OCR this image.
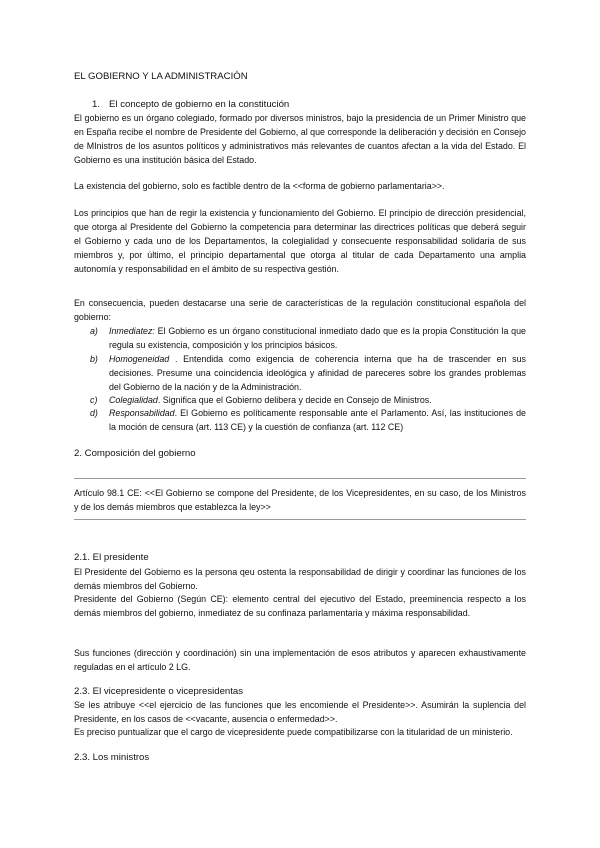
EL GOBIERNO Y LA ADMINISTRACIÓN

1. El concepto de gobierno en la constitución

El gobierno es un órgano colegiado, formado por diversos ministros, bajo la presidencia de un Primer Ministro que en España recibe el nombre de Presidente del Gobierno, al que corresponde la deliberación y decisión en Consejo de MInistros de los asuntos políticos y administrativos más relevantes de cuantos afectan a la vida del Estado. El Gobierno es una institución básica del Estado.

La existencia del gobierno, solo es factible dentro de la <<forma de gobierno parlamentaria>>.

Los principios que han de regir la existencia y funcionamiento del Gobierno. El principio de dirección presidencial, que otorga al Presidente del Gobierno la competencia para determinar las directrices políticas que deberá seguir el Gobierno y cada uno de los Departamentos, la colegialidad y consecuente responsabilidad solidaria de sus miembros y, por último, el principio departamental que otorga al titular de cada Departamento una amplia autonomía y responsabilidad en el ámbito de su respectiva gestión.

En consecuencia, pueden destacarse una serie de características de la regulación constitucional española del gobierno:

a) Inmediatez: El Gobierno es un órgano constitucional inmediato dado que es la propia Constitución la que regula su existencia, composición y los principios básicos.
b) Homogeneidad . Entendida como exigencia de coherencia interna que ha de trascender en sus decisiones. Presume una coincidencia ideológica y afinidad de pareceres sobre los grandes problemas del Gobierno de la nación y de la Administración.
c) Colegialidad. Significa que el Gobierno delibera y decide en Consejo de Ministros.
d) Responsabilidad. El Gobierno es políticamente responsable ante el Parlamento. Así, las instituciones de la moción de censura (art. 113 CE) y la cuestión de confianza (art. 112 CE)

2. Composición del gobierno

Artículo 98.1 CE: <<El Gobierno se compone del Presidente, de los Vicepresidentes, en su caso, de los Ministros y de los demás miembros que establezca la ley>>

2.1. El presidente

El Presidente del Gobierno es la persona qeu ostenta la responsabilidad de dirigir y coordinar las funciones de los demás miembros del Gobierno.

Presidente del Gobierno (Según CE): elemento central del ejecutivo del Estado, preeminencia respecto a los demás miembros del gobierno, inmediatez de su confinaza parlamentaria y máxima responsabilidad.

Sus funciones (dirección y coordinación) sin una implementación de esos atributos y aparecen exhaustivamente reguladas en el artículo 2 LG.

2.3. El vicepresidente o vicepresidentas

Se les atribuye <<el ejercicio de las funciones que les encomiende el Presidente>>. Asumirán la suplencia del Presidente, en los casos de <<vacante, ausencia o enfermedad>>.

Es preciso puntualizar que el cargo de vicepresidente puede compatibilizarse con la titularidad de un ministerio.

2.3. Los ministros
